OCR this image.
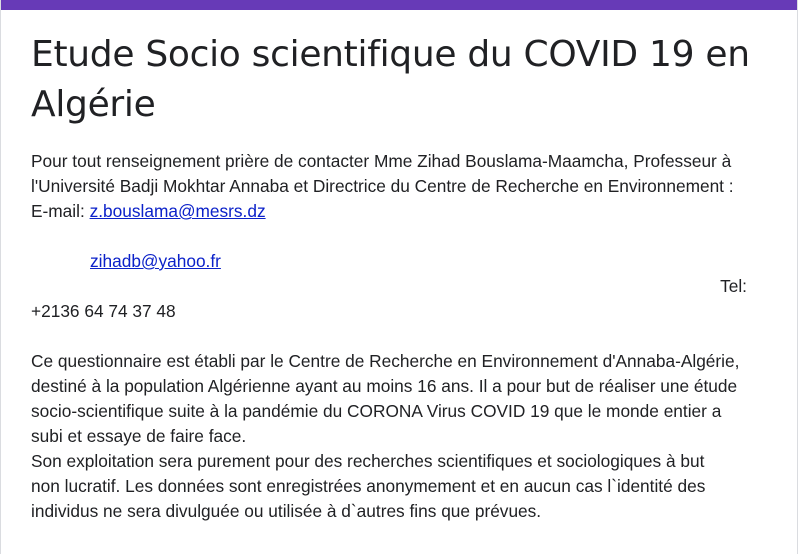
Etude Socio scientifique du COVID 19 en Algérie
Pour tout renseignement prière de contacter Mme Zihad Bouslama-Maamcha, Professeur à
l'Université Badji Mokhtar Annaba et Directrice du Centre de Recherche en Environnement :
E-mail: z.bouslama@mesrs.dz
zihadb@yahoo.fr
Tel:
+2136 64 74 37 48
Ce questionnaire est établi par le Centre de Recherche en Environnement d'Annaba-Algérie,
destiné à la population Algérienne ayant au moins 16 ans. Il a pour but de réaliser une étude
socio-scientifique suite à la pandémie du CORONA Virus COVID 19 que le monde entier a
subi et essaye de faire face.
Son exploitation sera purement pour des recherches scientifiques et sociologiques à but
non lucratif. Les données sont enregistrées anonymement et en aucun cas l`identité des
individus ne sera divulguée ou utilisée à d`autres fins que prévues.
